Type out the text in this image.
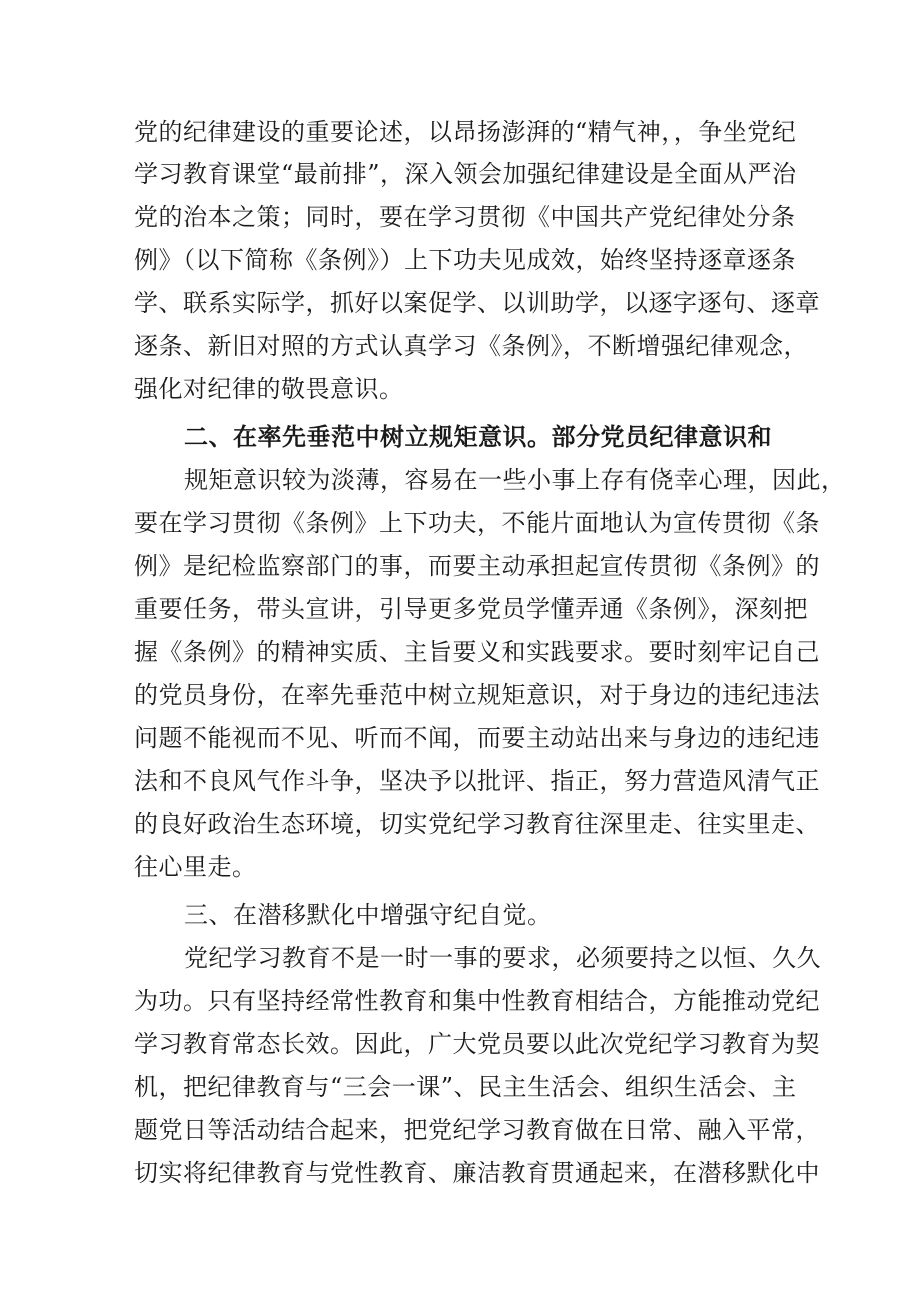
党的纪律建设的重要论述，以昂扬澎湃的“精气神，，争坐党纪
学习教育课堂“最前排”，深入领会加强纪律建设是全面从严治
党的治本之策；同时，要在学习贯彻《中国共产党纪律处分条
例》（以下简称《条例》）上下功夫见成效，始终坚持逐章逐条
学、联系实际学，抓好以案促学、以训助学，以逐字逐句、逐章
逐条、新旧对照的方式认真学习《条例》，不断增强纪律观念，
强化对纪律的敬畏意识。
二、在率先垂范中树立规矩意识。部分党员纪律意识和
规矩意识较为淡薄，容易在一些小事上存有侥幸心理，因此，
要在学习贯彻《条例》上下功夫，不能片面地认为宣传贯彻《条
例》是纪检监察部门的事，而要主动承担起宣传贯彻《条例》的
重要任务，带头宣讲，引导更多党员学懂弄通《条例》，深刻把
握《条例》的精神实质、主旨要义和实践要求。要时刻牢记自己
的党员身份，在率先垂范中树立规矩意识，对于身边的违纪违法
问题不能视而不见、听而不闻，而要主动站出来与身边的违纪违
法和不良风气作斗争，坚决予以批评、指正，努力营造风清气正
的良好政治生态环境，切实党纪学习教育往深里走、往实里走、
往心里走。
三、在潜移默化中增强守纪自觉。
党纪学习教育不是一时一事的要求，必须要持之以恒、久久
为功。只有坚持经常性教育和集中性教育相结合，方能推动党纪
学习教育常态长效。因此，广大党员要以此次党纪学习教育为契
机，把纪律教育与“三会一课”、民主生活会、组织生活会、主
题党日等活动结合起来，把党纪学习教育做在日常、融入平常，
切实将纪律教育与党性教育、廉洁教育贯通起来，在潜移默化中
